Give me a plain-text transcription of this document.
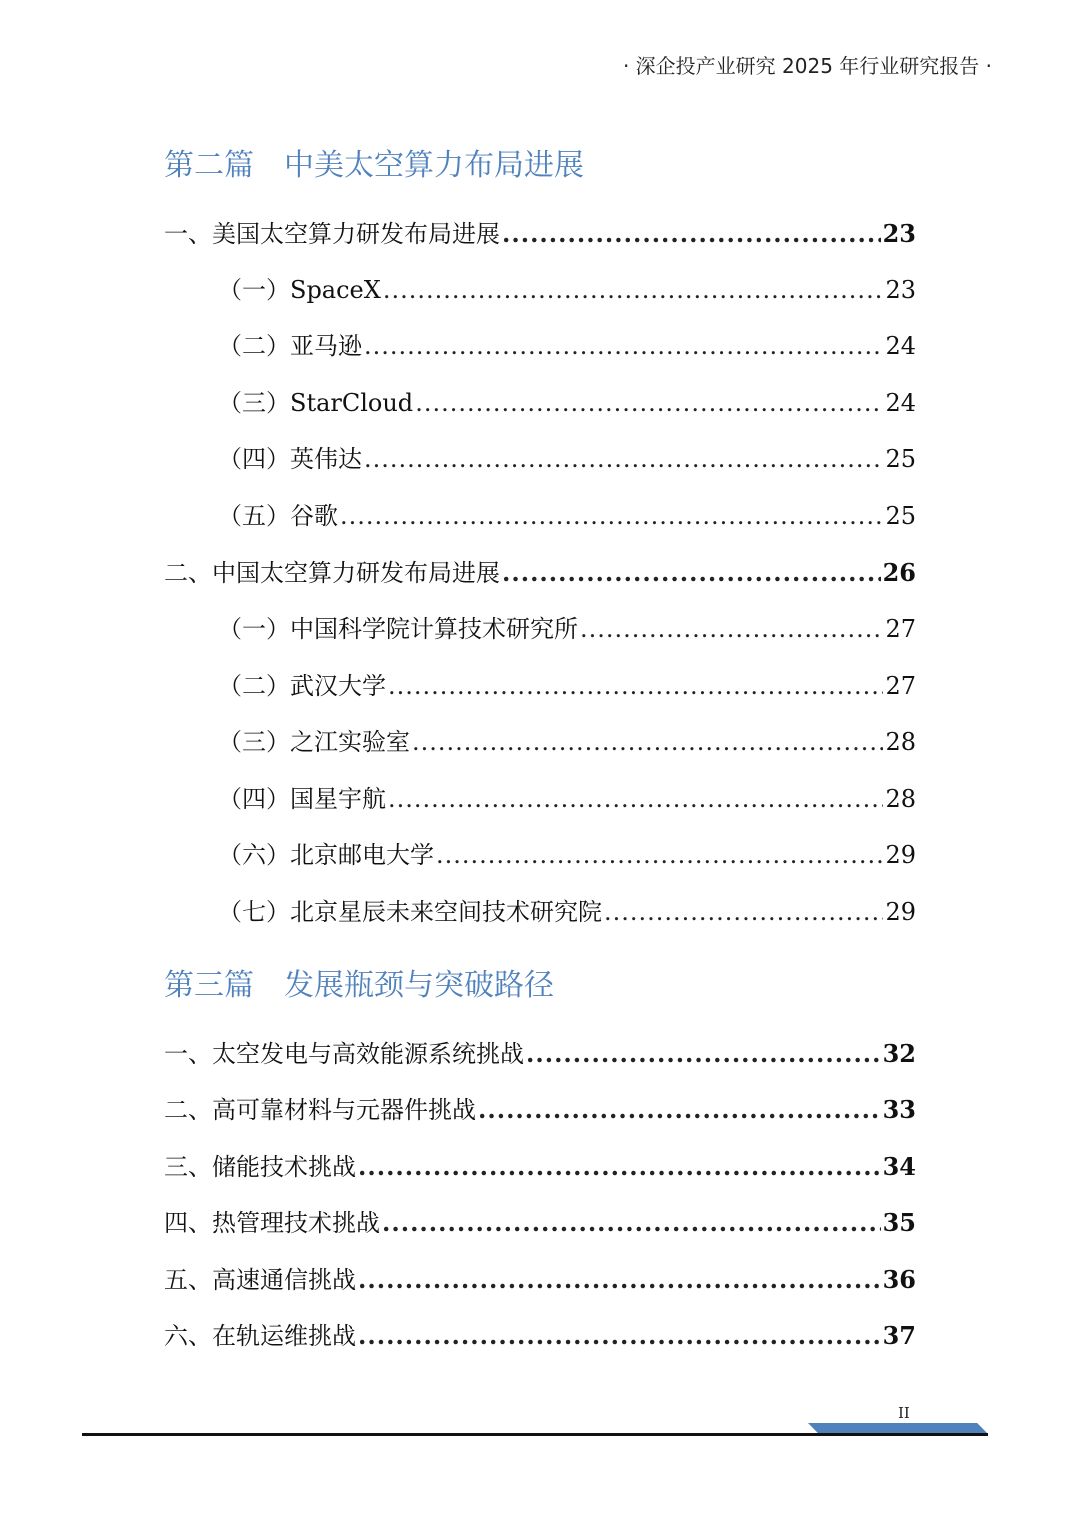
· 深企投产业研究 2025 年行业研究报告 ·
第二篇 中美太空算力布局进展
一、美国太空算力研发布局进展 .....	23
（一）SpaceX .....	23
（二）亚马逊 .....	24
（三）StarCloud .....	24
（四）英伟达 .....	25
（五）谷歌 .....	25
二、中国太空算力研发布局进展 .....	26
（一）中国科学院计算技术研究所 .....	27
（二）武汉大学 .....	27
（三）之江实验室 .....	28
（四）国星宇航 .....	28
（六）北京邮电大学 .....	29
（七）北京星辰未来空间技术研究院 .....	29
第三篇 发展瓶颈与突破路径
一、太空发电与高效能源系统挑战 .....	32
二、高可靠材料与元器件挑战 .....	33
三、储能技术挑战 .....	34
四、热管理技术挑战 .....	35
五、高速通信挑战 .....	36
六、在轨运维挑战 .....	37
II
